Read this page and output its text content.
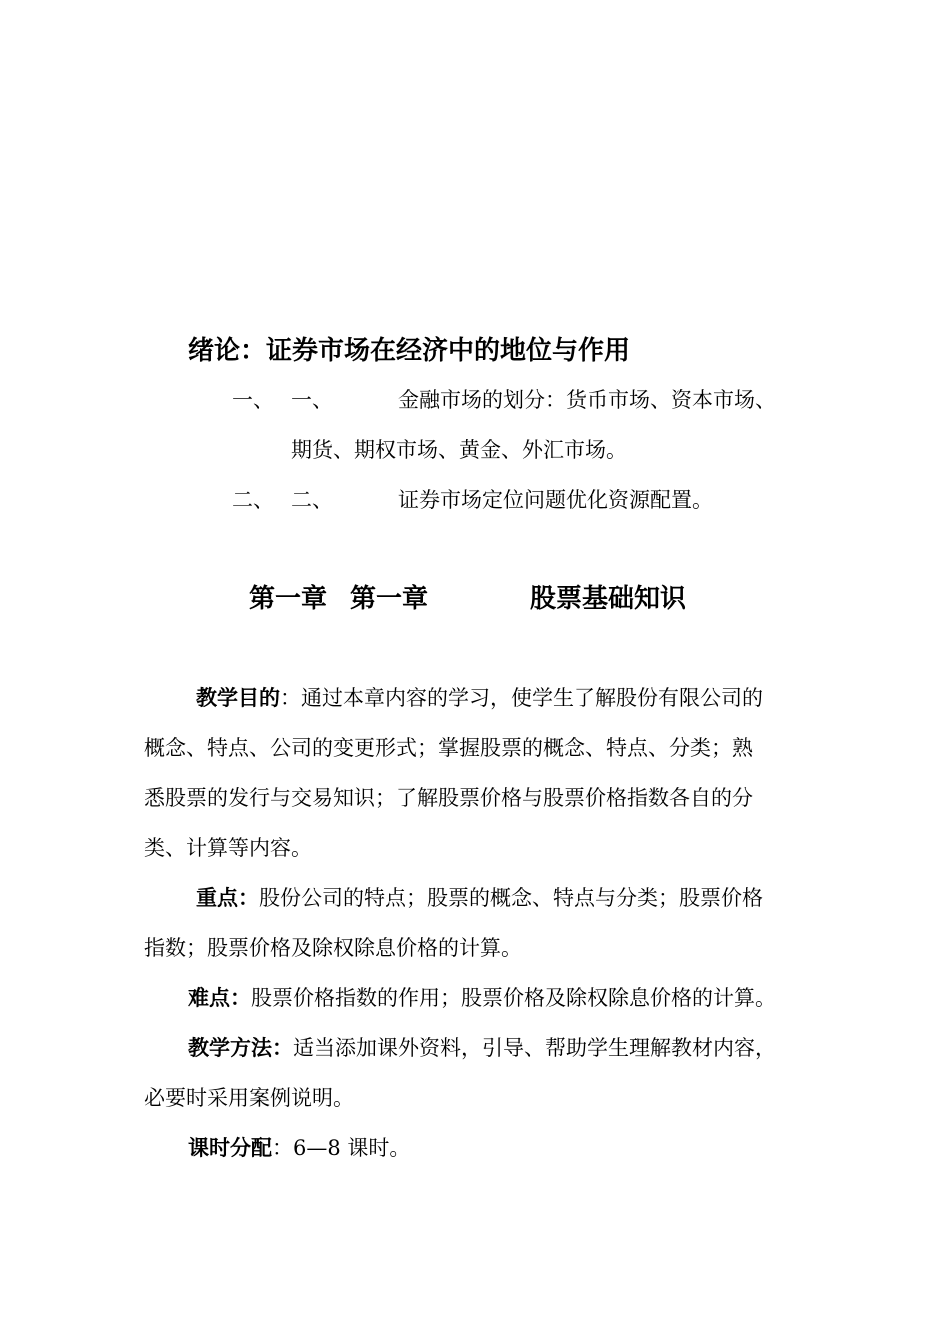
绪论：证券市场在经济中的地位与作用
一、 一、	金融市场的划分：货币市场、资本市场、
期货、期权市场、黄金、外汇市场。
二、 二、	证券市场定位问题优化资源配置。
第一章 第一章	股票基础知识
教学目的：通过本章内容的学习，使学生了解股份有限公司的
概念、特点、公司的变更形式；掌握股票的概念、特点、分类；熟
悉股票的发行与交易知识；了解股票价格与股票价格指数各自的分
类、计算等内容。
重点：股份公司的特点；股票的概念、特点与分类；股票价格
指数；股票价格及除权除息价格的计算。
难点：股票价格指数的作用；股票价格及除权除息价格的计算。
教学方法：适当添加课外资料，引导、帮助学生理解教材内容，
必要时采用案例说明。
课时分配：6—8 课时。
